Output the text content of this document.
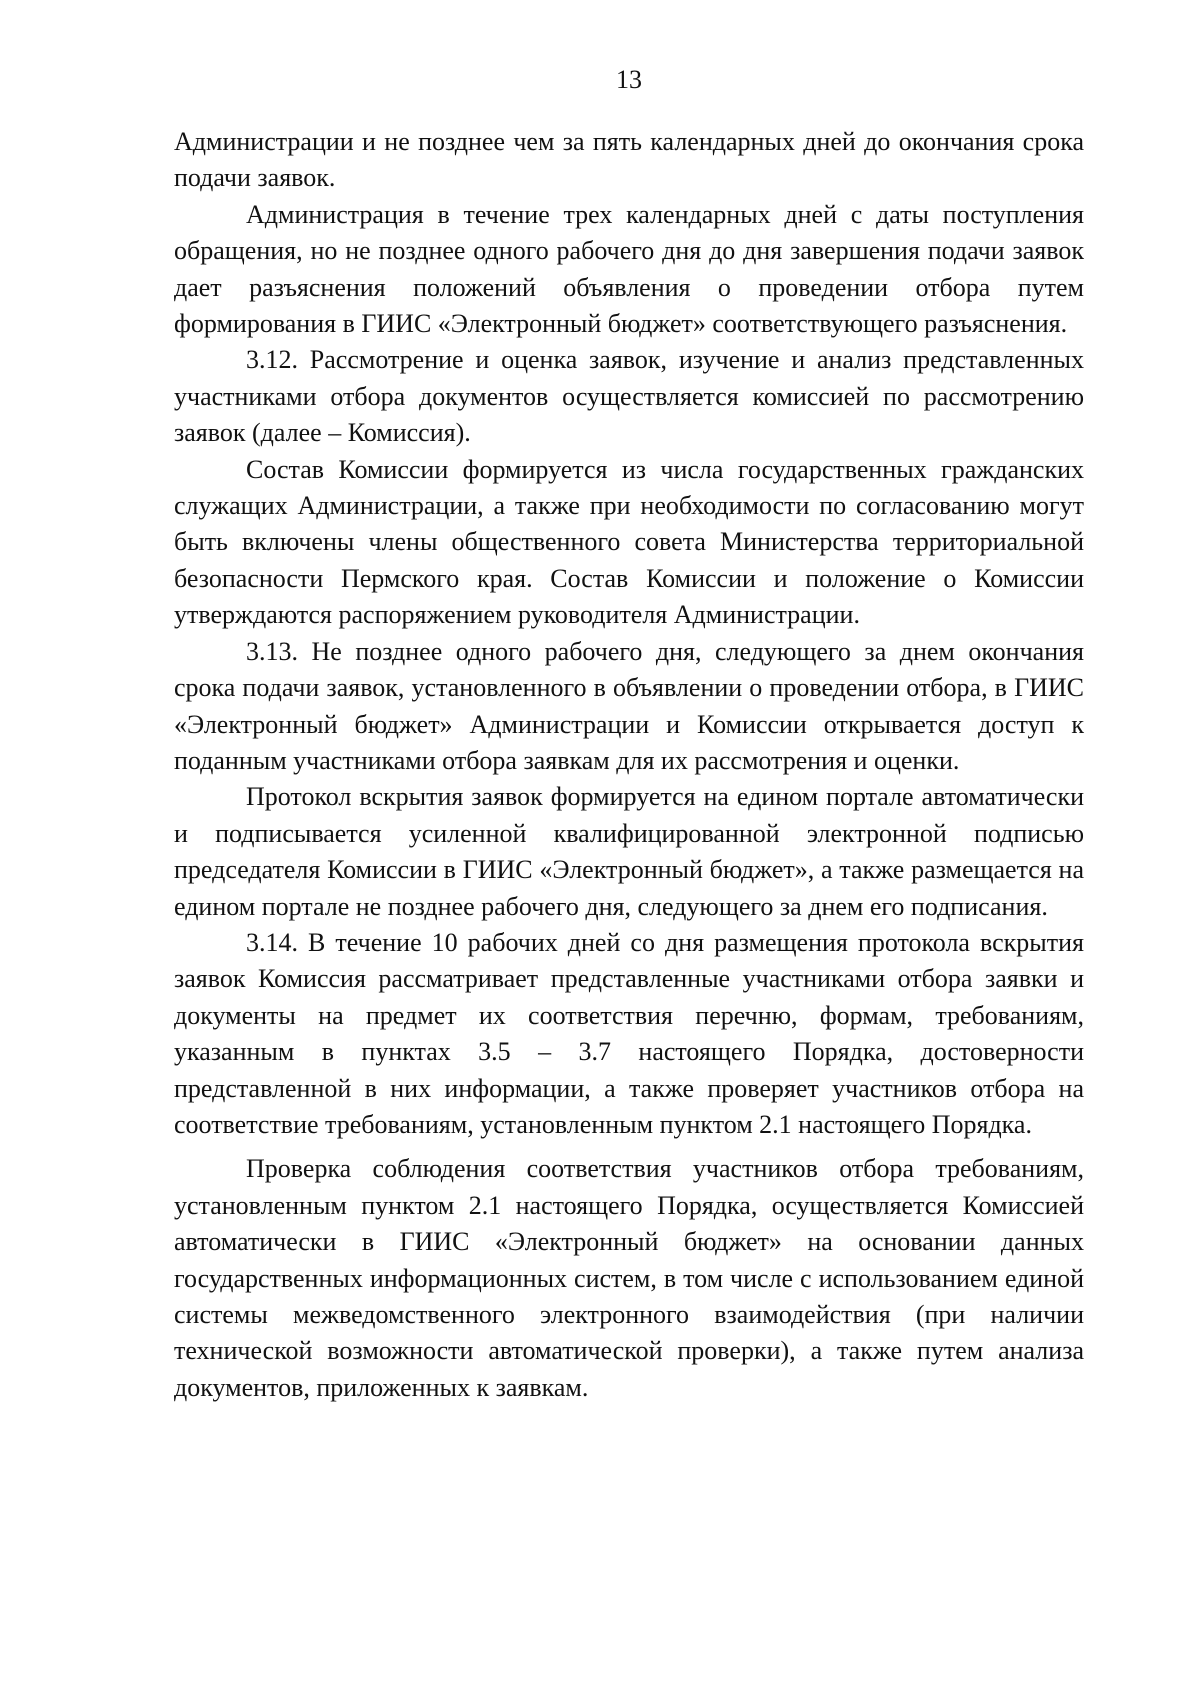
13

Администрации и не позднее чем за пять календарных дней до окончания срока подачи заявок.

Администрация в течение трех календарных дней с даты поступления обращения, но не позднее одного рабочего дня до дня завершения подачи заявок дает разъяснения положений объявления о проведении отбора путем формирования в ГИИС «Электронный бюджет» соответствующего разъяснения.

3.12. Рассмотрение и оценка заявок, изучение и анализ представленных участниками отбора документов осуществляется комиссией по рассмотрению заявок (далее – Комиссия).

Состав Комиссии формируется из числа государственных гражданских служащих Администрации, а также при необходимости по согласованию могут быть включены члены общественного совета Министерства территориальной безопасности Пермского края. Состав Комиссии и положение о Комиссии утверждаются распоряжением руководителя Администрации.

3.13. Не позднее одного рабочего дня, следующего за днем окончания срока подачи заявок, установленного в объявлении о проведении отбора, в ГИИС «Электронный бюджет» Администрации и Комиссии открывается доступ к поданным участниками отбора заявкам для их рассмотрения и оценки.

Протокол вскрытия заявок формируется на едином портале автоматически и подписывается усиленной квалифицированной электронной подписью председателя Комиссии в ГИИС «Электронный бюджет», а также размещается на едином портале не позднее рабочего дня, следующего за днем его подписания.

3.14. В течение 10 рабочих дней со дня размещения протокола вскрытия заявок Комиссия рассматривает представленные участниками отбора заявки и документы на предмет их соответствия перечню, формам, требованиям, указанным в пунктах 3.5 – 3.7 настоящего Порядка, достоверности представленной в них информации, а также проверяет участников отбора на соответствие требованиям, установленным пунктом 2.1 настоящего Порядка.

Проверка соблюдения соответствия участников отбора требованиям, установленным пунктом 2.1 настоящего Порядка, осуществляется Комиссией автоматически в ГИИС «Электронный бюджет» на основании данных государственных информационных систем, в том числе с использованием единой системы межведомственного электронного взаимодействия (при наличии технической возможности автоматической проверки), а также путем анализа документов, приложенных к заявкам.
